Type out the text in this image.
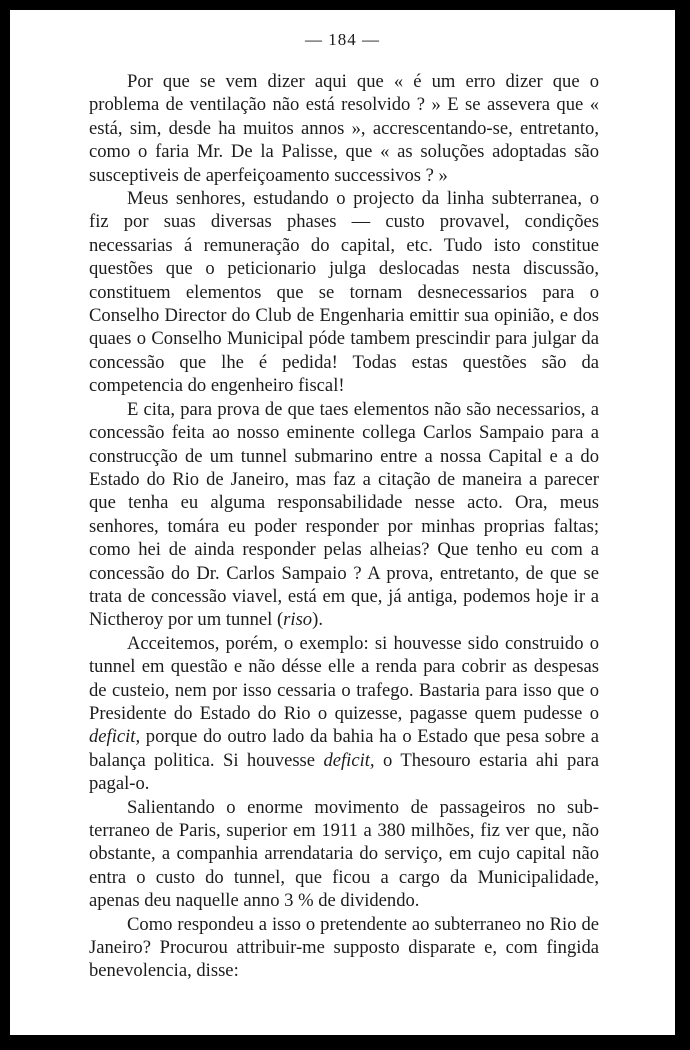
— 184 —

Por que se vem dizer aqui que « é um erro dizer que o problema de ventilação não está resolvido ? » E se assevera que « está, sim, desde ha muitos annos », accrescentando-se, entretanto, como o faria Mr. De la Palisse, que « as soluções adoptadas são susceptiveis de aperfeiçoamento successivos ? »

Meus senhores, estudando o projecto da linha subterranea, o fiz por suas diversas phases — custo provavel, condições necessarias á remuneração do capital, etc. Tudo isto constitue questões que o peticionario julga deslocadas nesta discussão, constituem elementos que se tornam desnecessarios para o Conselho Director do Club de Engenharia emittir sua opinião, e dos quaes o Conselho Municipal póde tambem prescindir para julgar da concessão que lhe é pedida! Todas estas questões são da competencia do engenheiro fiscal!

E cita, para prova de que taes elementos não são necessarios, a concessão feita ao nosso eminente collega Carlos Sampaio para a construcção de um tunnel submarino entre a nossa Capital e a do Estado do Rio de Janeiro, mas faz a citação de maneira a parecer que tenha eu alguma responsabilidade nesse acto. Ora, meus senhores, tomára eu poder responder por minhas proprias faltas; como hei de ainda responder pelas alheias? Que tenho eu com a concessão do Dr. Carlos Sampaio ? A prova, entretanto, de que se trata de concessão viavel, está em que, já antiga, podemos hoje ir a Nictheroy por um tunnel (riso).

Acceitemos, porém, o exemplo: si houvesse sido construido o tunnel em questão e não désse elle a renda para cobrir as despesas de custeio, nem por isso cessaria o trafego. Bastaria para isso que o Presidente do Estado do Rio o quizesse, pagasse quem pudesse o deficit, porque do outro lado da bahia ha o Estado que pesa sobre a balança politica. Si houvesse deficit, o Thesouro estaria ahi para pagal-o.

Salientando o enorme movimento de passageiros no subterraneo de Paris, superior em 1911 a 380 milhões, fiz ver que, não obstante, a companhia arrendataria do serviço, em cujo capital não entra o custo do tunnel, que ficou a cargo da Municipalidade, apenas deu naquelle anno 3 % de dividendo.

Como respondeu a isso o pretendente ao subterraneo no Rio de Janeiro? Procurou attribuir-me supposto disparate e, com fingida benevolencia, disse:
